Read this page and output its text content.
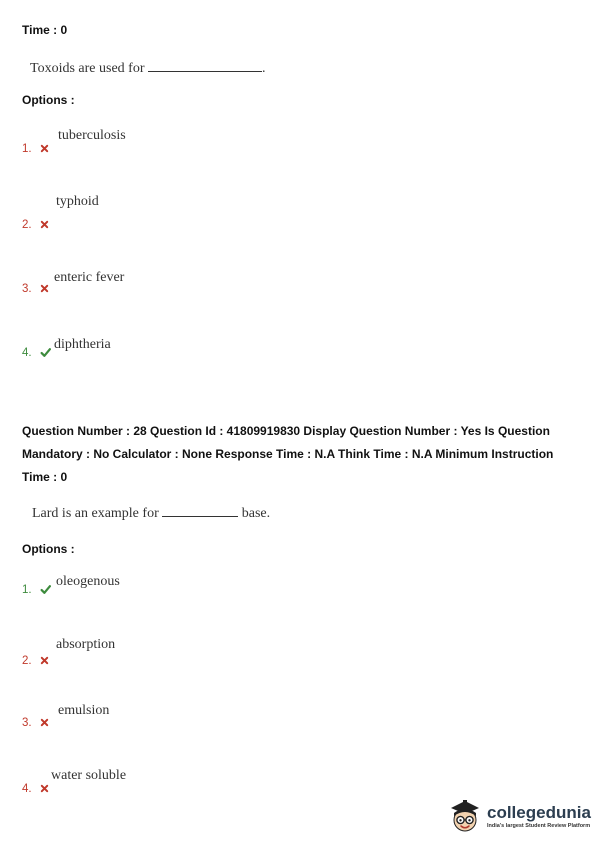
Time : 0
Toxoids are used for	.
Options :
1.
tuberculosis
2.
typhoid
3.
enteric fever
4.
diphtheria
Question Number : 28 Question Id : 41809919830 Display Question Number : Yes Is Question
Mandatory : No Calculator : None Response Time : N.A Think Time : N.A Minimum Instruction
Time : 0
Lard is an example for	base.
Options :
1.
oleogenous
2.
absorption
3.
emulsion
4.
water soluble
collegedunia
India's largest Student Review Platform
